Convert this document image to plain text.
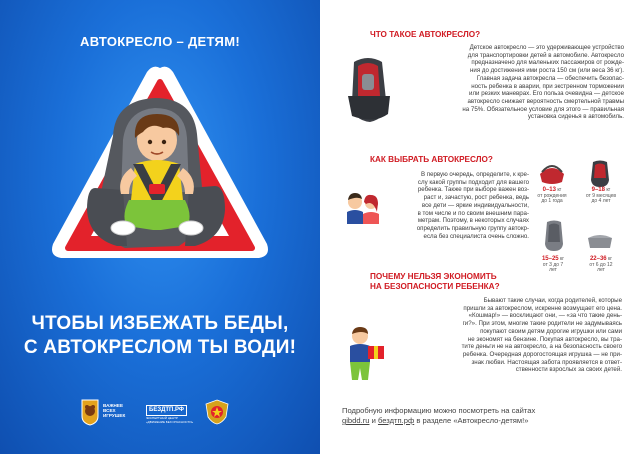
АВТОКРЕСЛО – ДЕТЯМ!
ЧТОБЫ ИЗБЕЖАТЬ БЕДЫ,
С АВТОКРЕСЛОМ ТЫ ВОДИ!
ВАЖНЕЕ
ВСЕХ
ИГРУШЕК
БЕЗДТП.РФ
ЭКСПЕРТНЫЙ ЦЕНТР
«ДВИЖЕНИЕ БЕЗ ОПАСНОСТИ»
ЧТО ТАКОЕ АВТОКРЕСЛО?
Детское автокресло — это удерживающее устройство
для транспортировки детей в автомобиле. Автокресло
предназначено для маленьких пассажиров от рожде-
ния до достижения ими роста 150 см (или веса 36 кг).
Главная задача автокресла — обеспечить безопас-
ность ребенка в аварии, при экстренном торможении
или резких маневрах. Его польза очевидна — детское
автокресло снижает вероятность смертельной травмы
на 75%. Обязательное условие для этого — правильная
установка сиденья в автомобиль.
КАК ВЫБРАТЬ АВТОКРЕСЛО?
В первую очередь, определите, к кре-
слу какой группы подходит для вашего
ребенка. Также при выборе важен воз-
раст и, зачастую, рост ребенка, ведь
все дети — яркие индивидуальности,
в том числе и по своим внешним пара-
метрам. Поэтому, в некоторых случаях
определить правильную группу автокр-
есла без специалиста очень сложно.
0–13 кг
от рождения
до 1 года
9–18 кг
от 9 месяцев
до 4 лет
15–25 кг
от 3 до 7
лет
22–36 кг
от 6 до 12
лет
ПОЧЕМУ НЕЛЬЗЯ ЭКОНОМИТЬ
НА БЕЗОПАСНОСТИ РЕБЕНКА?
Бывают такие случаи, когда родителей, которые
пришли за автокреслом, искренне возмущает его цена.
«Кошмар!» — восклицают они, — «за что такие день-
ги?». При этом, многие такие родители не задумываясь
покупают своим детям дорогие игрушки или сами
не экономят на бензине. Покупая автокресло, вы тра-
тите деньги не на автокресло, а на безопасность своего
ребенка. Очередная дорогостоящая игрушка — не при-
знак любви. Настоящая забота проявляется в ответ-
ственности взрослых за своих детей.
Подробную информацию можно посмотреть на сайтах
gibdd.ru и бездтп.рф в разделе «Автокресло-детям!»
